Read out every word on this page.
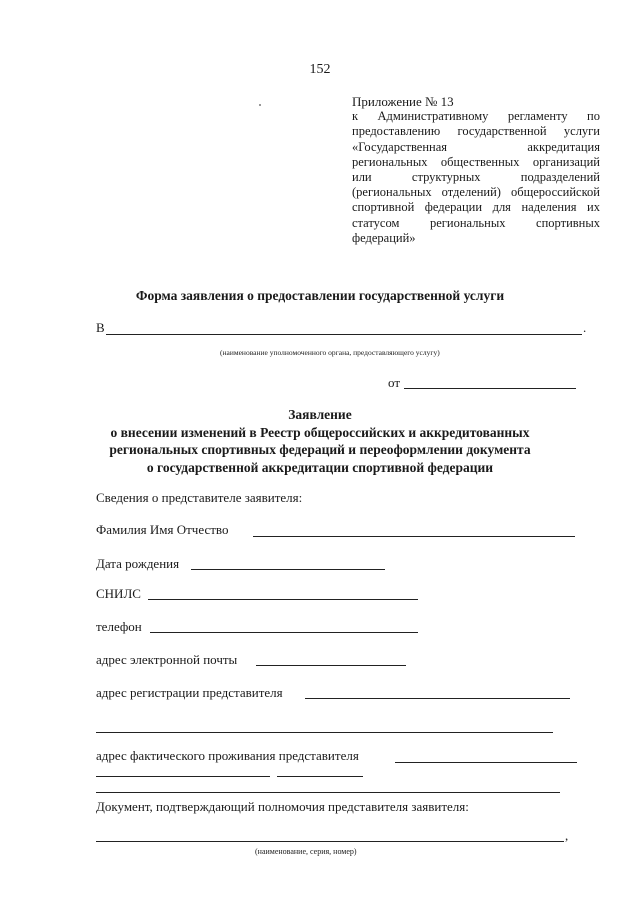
152
Приложение № 13
к Административному регламенту по предоставлению государственной услуги «Государственная аккредитация региональных общественных организаций или структурных подразделений (региональных отделений) общероссийской спортивной федерации для наделения их статусом региональных спортивных федераций»
Форма заявления о предоставлении государственной услуги
В	.
(наименование уполномоченного органа, предоставляющего услугу)
от
Заявление
о внесении изменений в Реестр общероссийских и аккредитованных
региональных спортивных федераций и переоформлении документа
о государственной аккредитации спортивной федерации
Сведения о представителе заявителя:
Фамилия Имя Отчество
Дата рождения
СНИЛС
телефон
адрес электронной почты
адрес регистрации представителя
адрес фактического проживания представителя
Документ, подтверждающий полномочия представителя заявителя:
,
(наименование, серия, номер)
